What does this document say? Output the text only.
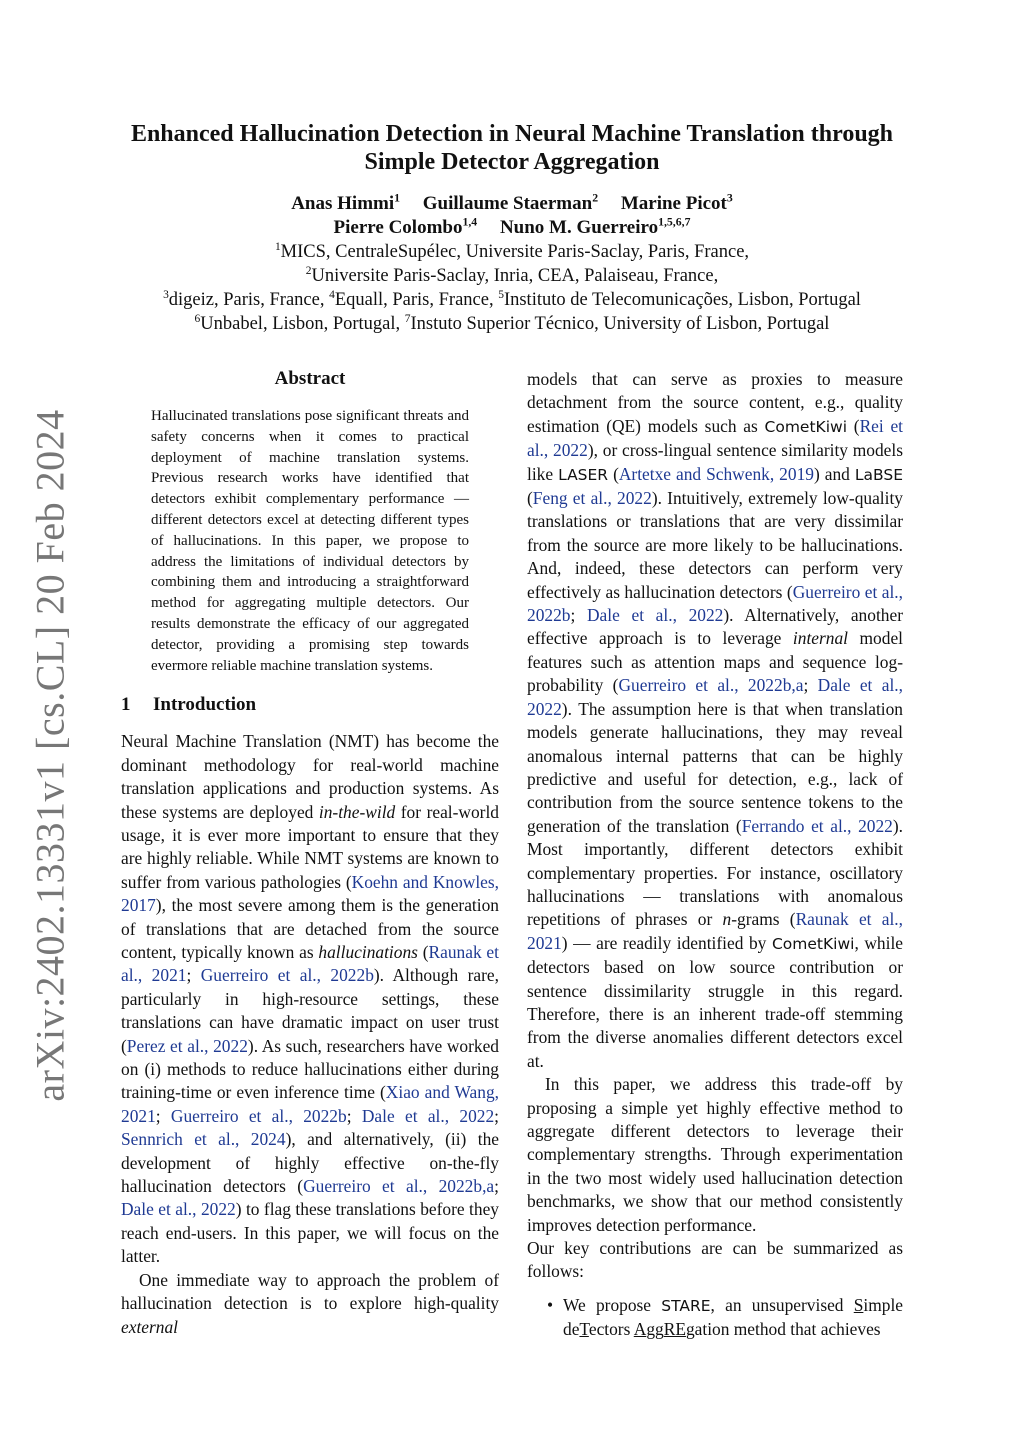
arXiv:2402.13331v1 [cs.CL] 20 Feb 2024
Enhanced Hallucination Detection in Neural Machine Translation through
Simple Detector Aggregation
Anas Himmi$^1$ Guillaume Staerman$^2$ Marine Picot$^3$
Pierre Colombo$^{1,4}$ Nuno M. Guerreiro$^{1,5,6,7}$
$^1$MICS, CentraleSupélec, Universite Paris-Saclay, Paris, France,
$^2$Universite Paris-Saclay, Inria, CEA, Palaiseau, France,
$^3$digeiz, Paris, France, $^4$Equall, Paris, France, $^5$Instituto de Telecomunicações, Lisbon, Portugal
$^6$Unbabel, Lisbon, Portugal, $^7$Instuto Superior Técnico, University of Lisbon, Portugal
Abstract

Hallucinated translations pose significant threats and safety concerns when it comes to practical deployment of machine translation systems. Previous research works have identified that detectors exhibit complementary performance — different detectors excel at detecting different types of hallucinations. In this paper, we propose to address the limitations of individual detectors by combining them and introducing a straightforward method for aggregating multiple detectors. Our results demonstrate the efficacy of our aggregated detector, providing a promising step towards evermore reliable machine translation systems.

1 Introduction

Neural Machine Translation (NMT) has become the dominant methodology for real-world machine translation applications and production systems. As these systems are deployed in-the-wild for real-world usage, it is ever more important to ensure that they are highly reliable. While NMT systems are known to suffer from various pathologies (Koehn and Knowles, 2017), the most severe among them is the generation of translations that are detached from the source content, typically known as hallucinations (Raunak et al., 2021; Guerreiro et al., 2022b). Although rare, particularly in high-resource settings, these translations can have dramatic impact on user trust (Perez et al., 2022). As such, researchers have worked on (i) methods to reduce hallucinations either during training-time or even inference time (Xiao and Wang, 2021; Guerreiro et al., 2022b; Dale et al., 2022; Sennrich et al., 2024), and alternatively, (ii) the development of highly effective on-the-fly hallucination detectors (Guerreiro et al., 2022b,a; Dale et al., 2022) to flag these translations before they reach end-users. In this paper, we will focus on the latter.

One immediate way to approach the problem of hallucination detection is to explore high-quality external

models that can serve as proxies to measure detachment from the source content, e.g., quality estimation (QE) models such as CometKiwi (Rei et al., 2022), or cross-lingual sentence similarity models like LASER (Artetxe and Schwenk, 2019) and LaBSE (Feng et al., 2022). Intuitively, extremely low-quality translations or translations that are very dissimilar from the source are more likely to be hallucinations. And, indeed, these detectors can perform very effectively as hallucination detectors (Guerreiro et al., 2022b; Dale et al., 2022). Alternatively, another effective approach is to leverage internal model features such as attention maps and sequence log-probability (Guerreiro et al., 2022b,a; Dale et al., 2022). The assumption here is that when translation models generate hallucinations, they may reveal anomalous internal patterns that can be highly predictive and useful for detection, e.g., lack of contribution from the source sentence tokens to the generation of the translation (Ferrando et al., 2022). Most importantly, different detectors exhibit complementary properties. For instance, oscillatory hallucinations — translations with anomalous repetitions of phrases or n-grams (Raunak et al., 2021) — are readily identified by CometKiwi, while detectors based on low source contribution or sentence dissimilarity struggle in this regard. Therefore, there is an inherent trade-off stemming from the diverse anomalies different detectors excel at.

In this paper, we address this trade-off by proposing a simple yet highly effective method to aggregate different detectors to leverage their complementary strengths. Through experimentation in the two most widely used hallucination detection benchmarks, we show that our method consistently improves detection performance.

Our key contributions are can be summarized as follows:

• We propose STARE, an unsupervised Simple deTectors AggREgation method that achieves
